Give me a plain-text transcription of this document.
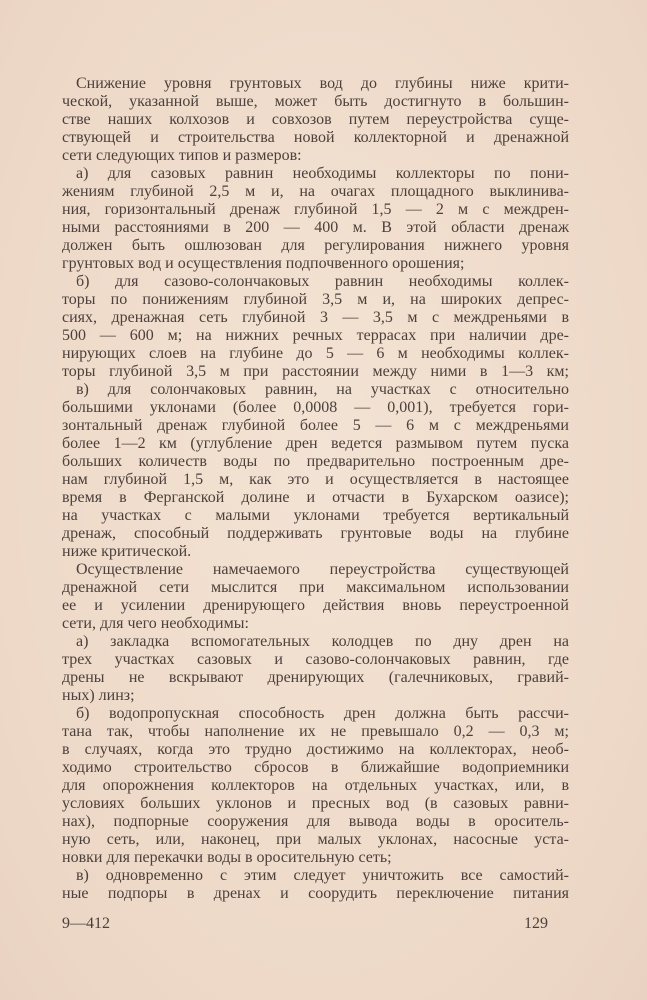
Снижение уровня грунтовых вод до глубины ниже крити-
ческой, указанной выше, может быть достигнуто в большин-
стве наших колхозов и совхозов путем переустройства суще-
ствующей и строительства новой коллекторной и дренажной
сети следующих типов и размеров:
а) для сазовых равнин необходимы коллекторы по пони-
жениям глубиной 2,5 м и, на очагах площадного выклинива-
ния, горизонтальный дренаж глубиной 1,5 — 2 м с междрен-
ными расстояниями в 200 — 400 м. В этой области дренаж
должен быть ошлюзован для регулирования нижнего уровня
грунтовых вод и осуществления подпочвенного орошения;
б) для сазово-солончаковых равнин необходимы коллек-
торы по понижениям глубиной 3,5 м и, на широких депрес-
сиях, дренажная сеть глубиной 3 — 3,5 м с междреньями в
500 — 600 м; на нижних речных террасах при наличии дре-
нирующих слоев на глубине до 5 — 6 м необходимы коллек-
торы глубиной 3,5 м при расстоянии между ними в 1—3 км;
в) для солончаковых равнин, на участках с относительно
большими уклонами (более 0,0008 — 0,001), требуется гори-
зонтальный дренаж глубиной более 5 — 6 м с междреньями
более 1—2 км (углубление дрен ведется размывом путем пуска
больших количеств воды по предварительно построенным дре-
нам глубиной 1,5 м, как это и осуществляется в настоящее
время в Ферганской долине и отчасти в Бухарском оазисе);
на участках с малыми уклонами требуется вертикальный
дренаж, способный поддерживать грунтовые воды на глубине
ниже критической.
Осуществление намечаемого переустройства существующей
дренажной сети мыслится при максимальном использовании
ее и усилении дренирующего действия вновь переустроенной
сети, для чего необходимы:
а) закладка вспомогательных колодцев по дну дрен на
трех участках сазовых и сазово-солончаковых равнин, где
дрены не вскрывают дренирующих (галечниковых, гравий-
ных) линз;
б) водопропускная способность дрен должна быть рассчи-
тана так, чтобы наполнение их не превышало 0,2 — 0,3 м;
в случаях, когда это трудно достижимо на коллекторах, необ-
ходимо строительство сбросов в ближайшие водоприемники
для опорожнения коллекторов на отдельных участках, или, в
условиях больших уклонов и пресных вод (в сазовых равни-
нах), подпорные сооружения для вывода воды в ороситель-
ную сеть, или, наконец, при малых уклонах, насосные уста-
новки для перекачки воды в оросительную сеть;
в) одновременно с этим следует уничтожить все самостий-
ные подпоры в дренах и соорудить переключение питания
9—412	129
